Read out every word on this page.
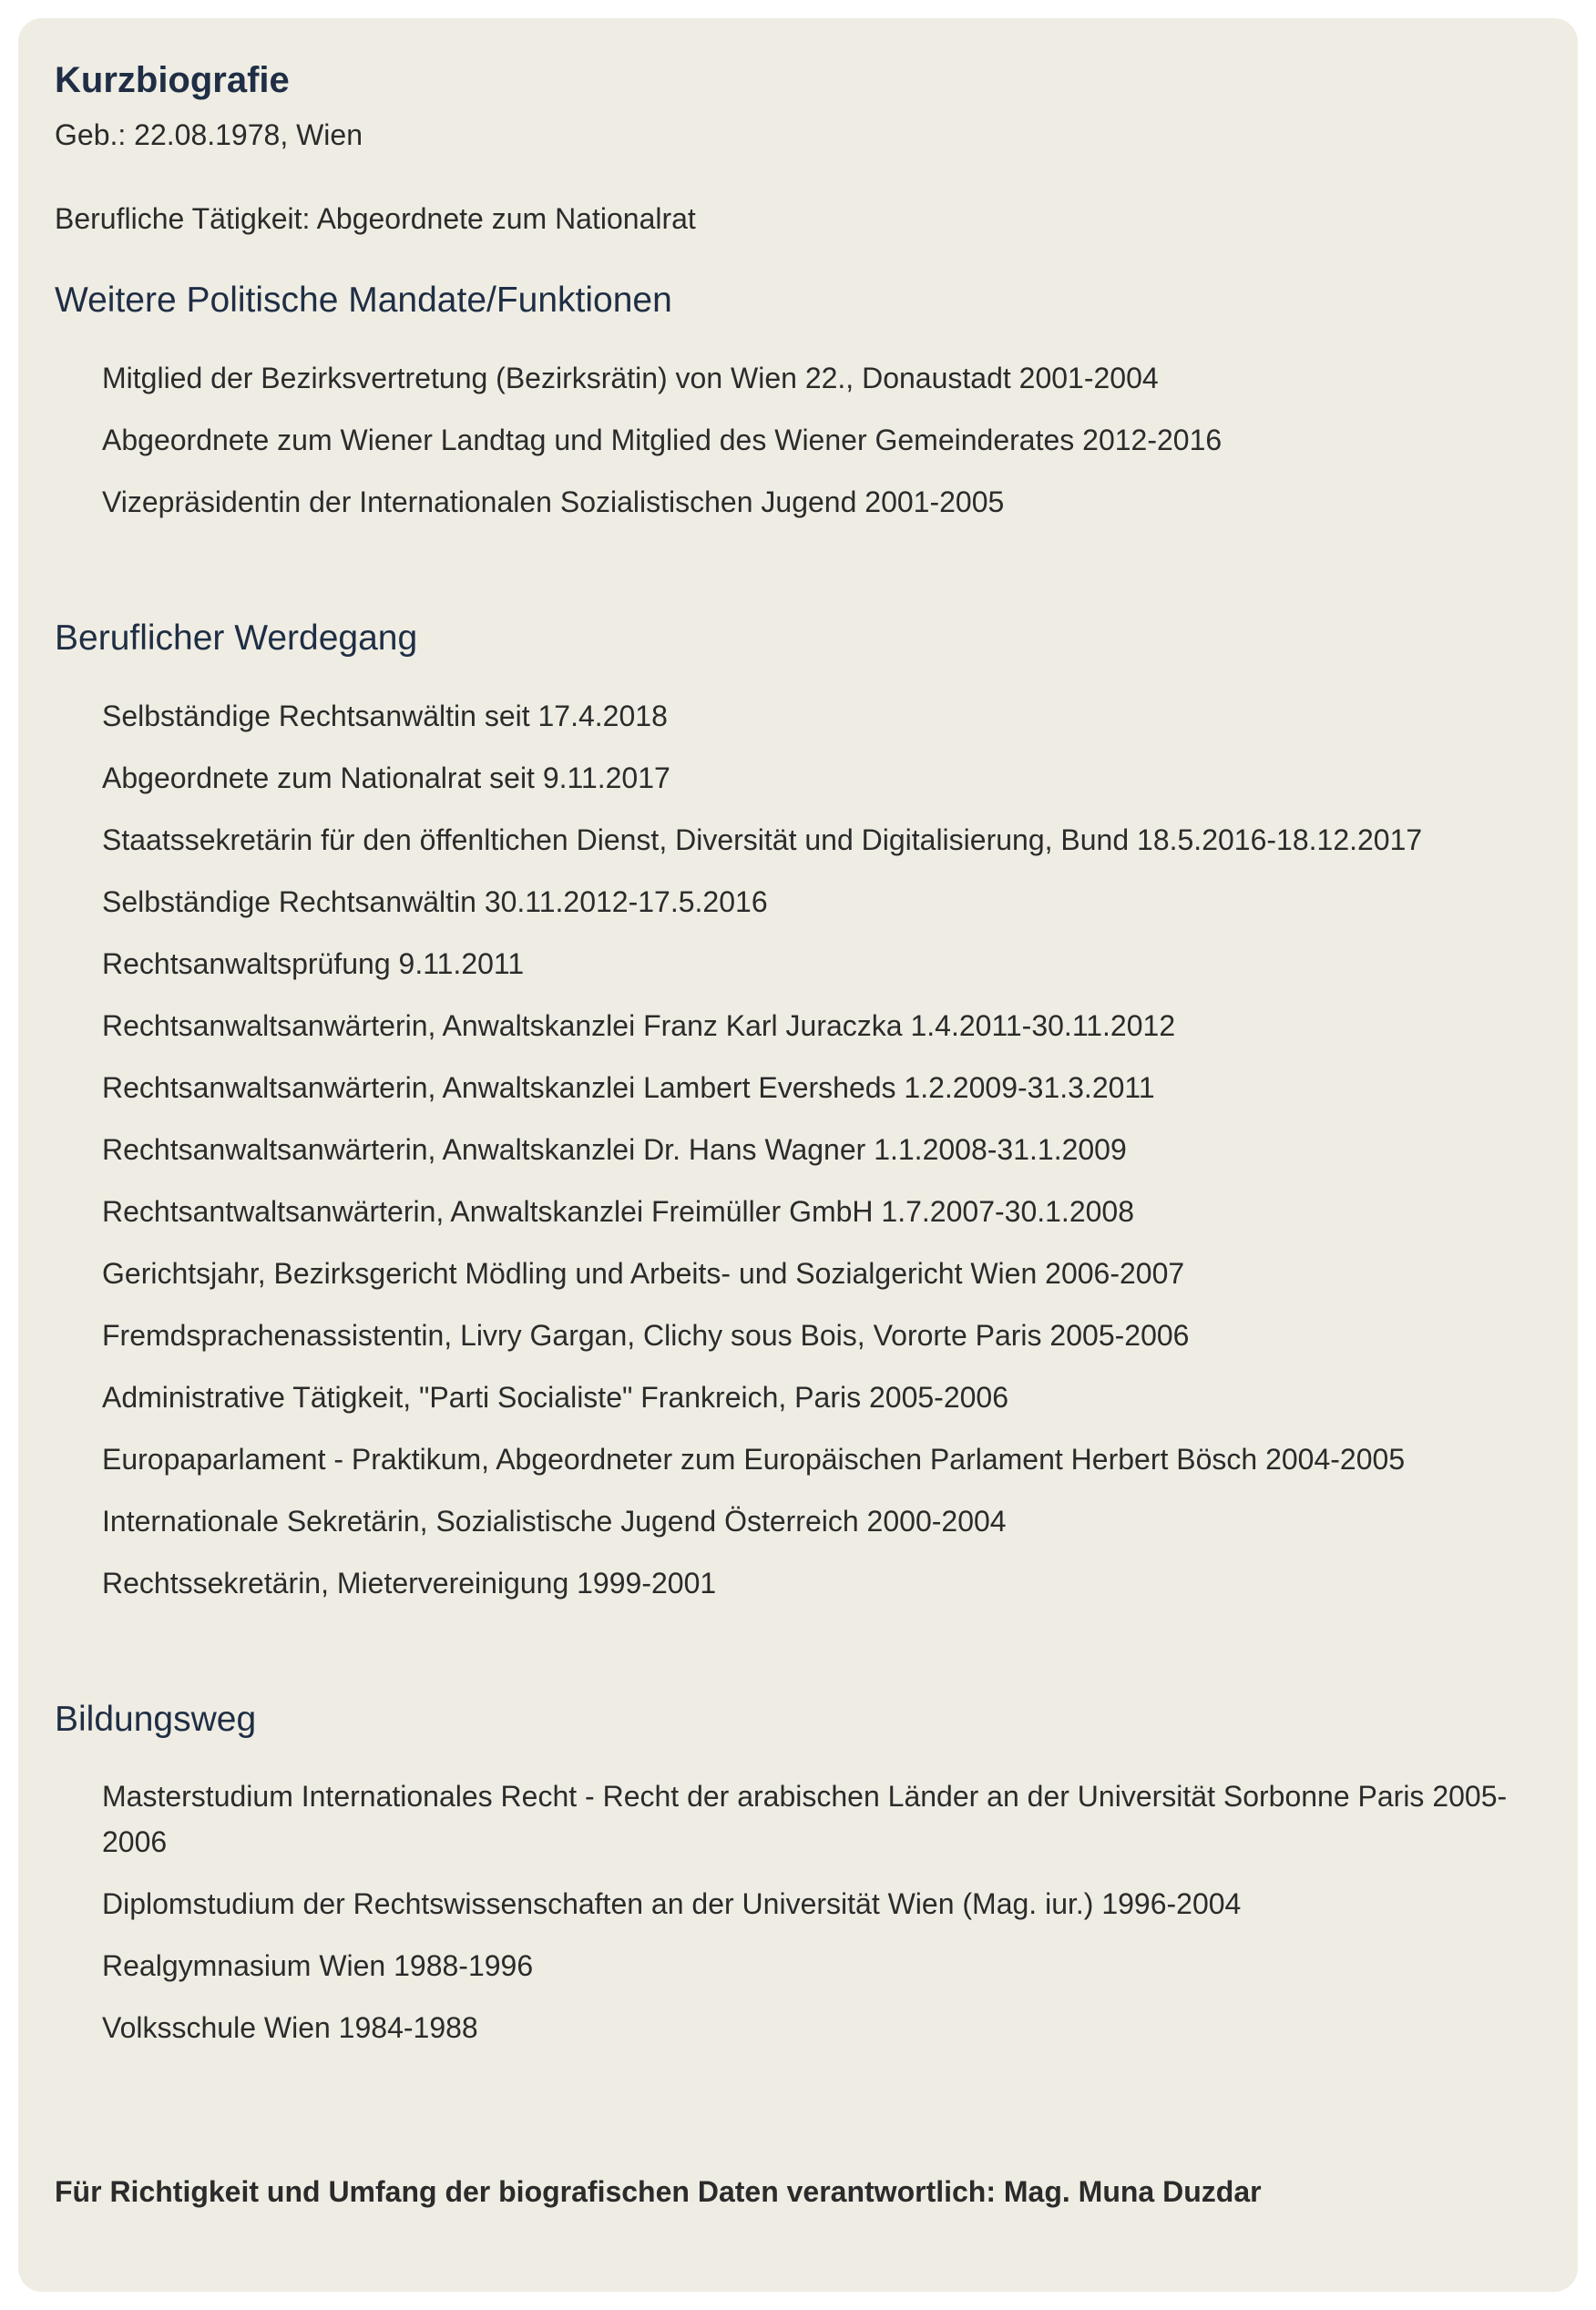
Kurzbiografie

Geb.: 22.08.1978, Wien

Berufliche Tätigkeit: Abgeordnete zum Nationalrat

Weitere Politische Mandate/Funktionen
Mitglied der Bezirksvertretung (Bezirksrätin) von Wien 22., Donaustadt 2001-2004
Abgeordnete zum Wiener Landtag und Mitglied des Wiener Gemeinderates 2012-2016
Vizepräsidentin der Internationalen Sozialistischen Jugend 2001-2005
Beruflicher Werdegang
Selbständige Rechtsanwältin seit 17.4.2018
Abgeordnete zum Nationalrat seit 9.11.2017
Staatssekretärin für den öffenltichen Dienst, Diversität und Digitalisierung, Bund 18.5.2016-18.12.2017
Selbständige Rechtsanwältin 30.11.2012-17.5.2016
Rechtsanwaltsprüfung 9.11.2011
Rechtsanwaltsanwärterin, Anwaltskanzlei Franz Karl Juraczka 1.4.2011-30.11.2012
Rechtsanwaltsanwärterin, Anwaltskanzlei Lambert Eversheds 1.2.2009-31.3.2011
Rechtsanwaltsanwärterin, Anwaltskanzlei Dr. Hans Wagner 1.1.2008-31.1.2009
Rechtsantwaltsanwärterin, Anwaltskanzlei Freimüller GmbH 1.7.2007-30.1.2008
Gerichtsjahr, Bezirksgericht Mödling und Arbeits- und Sozialgericht Wien 2006-2007
Fremdsprachenassistentin, Livry Gargan, Clichy sous Bois, Vororte Paris 2005-2006
Administrative Tätigkeit, "Parti Socialiste" Frankreich, Paris 2005-2006
Europaparlament - Praktikum, Abgeordneter zum Europäischen Parlament Herbert Bösch 2004-2005
Internationale Sekretärin, Sozialistische Jugend Österreich 2000-2004
Rechtssekretärin, Mietervereinigung 1999-2001
Bildungsweg
Masterstudium Internationales Recht - Recht der arabischen Länder an der Universität Sorbonne Paris 2005-2006
Diplomstudium der Rechtswissenschaften an der Universität Wien (Mag. iur.) 1996-2004
Realgymnasium Wien 1988-1996
Volksschule Wien 1984-1988
Für Richtigkeit und Umfang der biografischen Daten verantwortlich: Mag. Muna Duzdar
